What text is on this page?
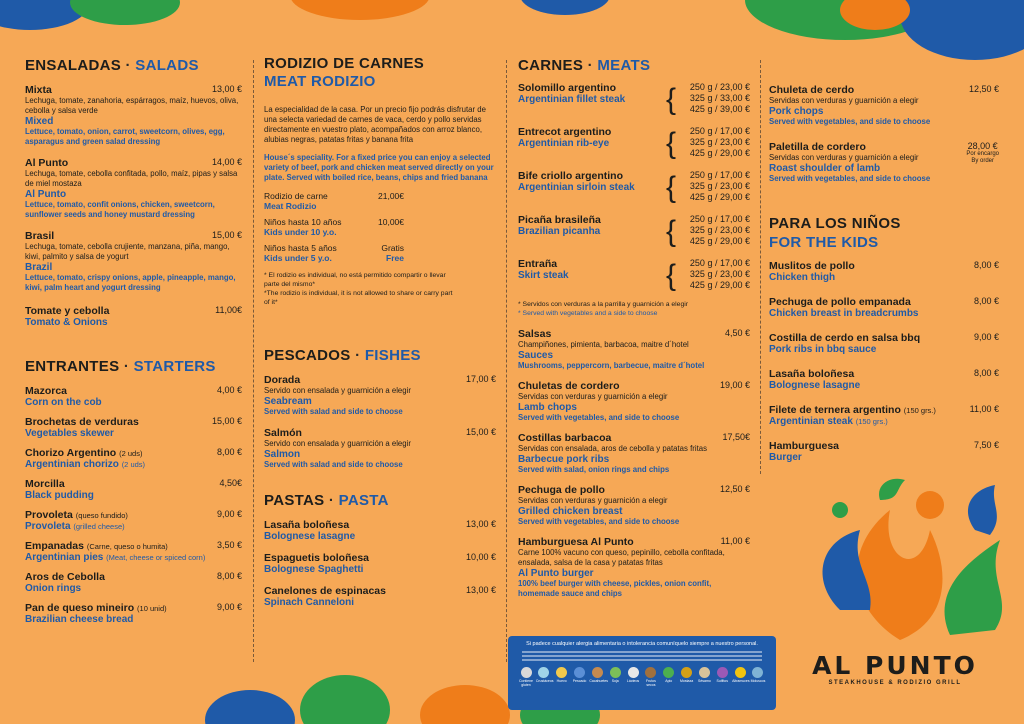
ENSALADAS · SALADS
Mixta	13,00 €
Lechuga, tomate, zanahoria, espárragos, maíz, huevos, oliva, cebolla y salsa verde
Mixed
Lettuce, tomato, onion, carrot, sweetcorn, olives, egg, asparagus and green salad dressing
Al Punto	14,00 €
Lechuga, tomate, cebolla confitada, pollo, maíz, pipas y salsa de miel mostaza
Al Punto
Lettuce, tomato, confit onions, chicken, sweetcorn, sunflower seeds and honey mustard dressing
Brasil	15,00 €
Lechuga, tomate, cebolla crujiente, manzana, piña, mango, kiwi, palmito y salsa de yogurt
Brazil
Lettuce, tomato, crispy onions, apple, pineapple, mango, kiwi, palm heart and yogurt dressing
Tomate y cebolla	11,00€
Tomato & Onions
ENTRANTES · STARTERS
Mazorca	4,00 €
Corn on the cob
Brochetas de verduras	15,00 €
Vegetables skewer
Chorizo Argentino (2 uds)	8,00 €
Argentinian chorizo (2 uds)
Morcilla	4,50€
Black pudding
Provoleta (queso fundido)	9,00 €
Provoleta (grilled cheese)
Empanadas (Carne, queso o humita)	3,50 €
Argentinian pies (Meat, cheese or spiced corn)
Aros de Cebolla	8,00 €
Onion rings
Pan de queso mineiro (10 unid)	9,00 €
Brazilian cheese bread
RODIZIO DE CARNES
MEAT RODIZIO
La especialidad de la casa. Por un precio fijo podrás disfrutar de una selecta variedad de carnes de vaca, cerdo y pollo servidas directamente en vuestro plato, acompañados con arroz blanco, alubias negras, patatas fritas y banana frita
House´s speciality. For a fixed price you can enjoy a selected variety of beef, pork and chicken meat served directly on your plate. Served with boiled rice, beans, chips and fried banana
Rodizio de carne	21,00€
Meat Rodizio
Niños hasta 10 años	10,00€
Kids under 10 y.o.
Niños hasta 5 años	Gratis
Kids under 5 y.o.	Free
* El rodizio es individual, no está permitido compartir o llevar parte del mismo*
*The rodizio is individual, it is not allowed to share or carry part of it*
PESCADOS · FISHES
Dorada	17,00 €
Servido con ensalada y guarnición a elegir
Seabream
Served with salad and side to choose
Salmón	15,00 €
Servido con ensalada y guarnición a elegir
Salmon
Served with salad and side to choose
PASTAS · PASTA
Lasaña boloñesa	13,00 €
Bolognese lasagne
Espaguetis boloñesa	10,00 €
Bolognese Spaghetti
Canelones de espinacas	13,00 €
Spinach Canneloni
CARNES · MEATS
Solomillo argentino
Argentinian fillet steak	{ 250 g / 23,00 €
325 g / 33,00 €
425 g / 39,00 €
Entrecot argentino
Argentinian rib-eye	{ 250 g / 17,00 €
325 g / 23,00 €
425 g / 29,00 €
Bife criollo argentino
Argentinian sirloin steak	{ 250 g / 17,00 €
325 g / 23,00 €
425 g / 29,00 €
Picaña brasileña
Brazilian picanha	{ 250 g / 17,00 €
325 g / 23,00 €
425 g / 29,00 €
Entraña
Skirt steak	{ 250 g / 17,00 €
325 g / 23,00 €
425 g / 29,00 €
* Servidos con verduras a la parrilla y guarnición a elegir
* Served with vegetables and a side to choose
Salsas	4,50 €
Champiñones, pimienta, barbacoa, maitre d´hotel
Sauces
Mushrooms, peppercorn, barbecue, maitre d´hotel
Chuletas de cordero	19,00 €
Servidas con verduras y guarnición a elegir
Lamb chops
Served with vegetables, and side to choose
Costillas barbacoa	17,50€
Servidas con ensalada, aros de cebolla y patatas fritas
Barbecue pork ribs
Served with salad, onion rings and chips
Pechuga de pollo	12,50 €
Servidas con verduras y guarnición a elegir
Grilled chicken breast
Served with vegetables, and side to choose
Hamburguesa Al Punto	11,00 €
Carne 100% vacuno con queso, pepinillo, cebolla confitada, ensalada, salsa de la casa y patatas fritas
Al Punto burger
100% beef burger with cheese, pickles, onion confit, homemade sauce and chips
Si padece cualquier alergia alimentaria o intolerancia comuníquelo siempre a nuestro personal.
Contiene gluten
Crustáceos Huevo	Pescado Cacahuetes	Soja	Lácteos	Frutos secos
Apio	Mostaza	Sésamo	Sulfitos	Altramuces Moluscos
Chuleta de cerdo	12,50 €
Servidas con verduras y guarnición a elegir
Pork chops
Served with vegetables, and side to choose
Paletilla de cordero	28,00 €
Por encargo
By order
Servidas con verduras y guarnición a elegir
Roast shoulder of lamb
Served with vegetables, and side to choose
PARA LOS NIÑOS
FOR THE KIDS
Muslitos de pollo	8,00 €
Chicken thigh
Pechuga de pollo empanada	8,00 €
Chicken breast in breadcrumbs
Costilla de cerdo en salsa bbq	9,00 €
Pork ribs in bbq sauce
Lasaña boloñesa	8,00 €
Bolognese lasagne
Filete de ternera argentino (150 grs.)	11,00 €
Argentinian steak (150 grs.)
Hamburguesa	7,50 €
Burger
AL PUNTO
STEAKHOUSE & RODIZIO GRILL
